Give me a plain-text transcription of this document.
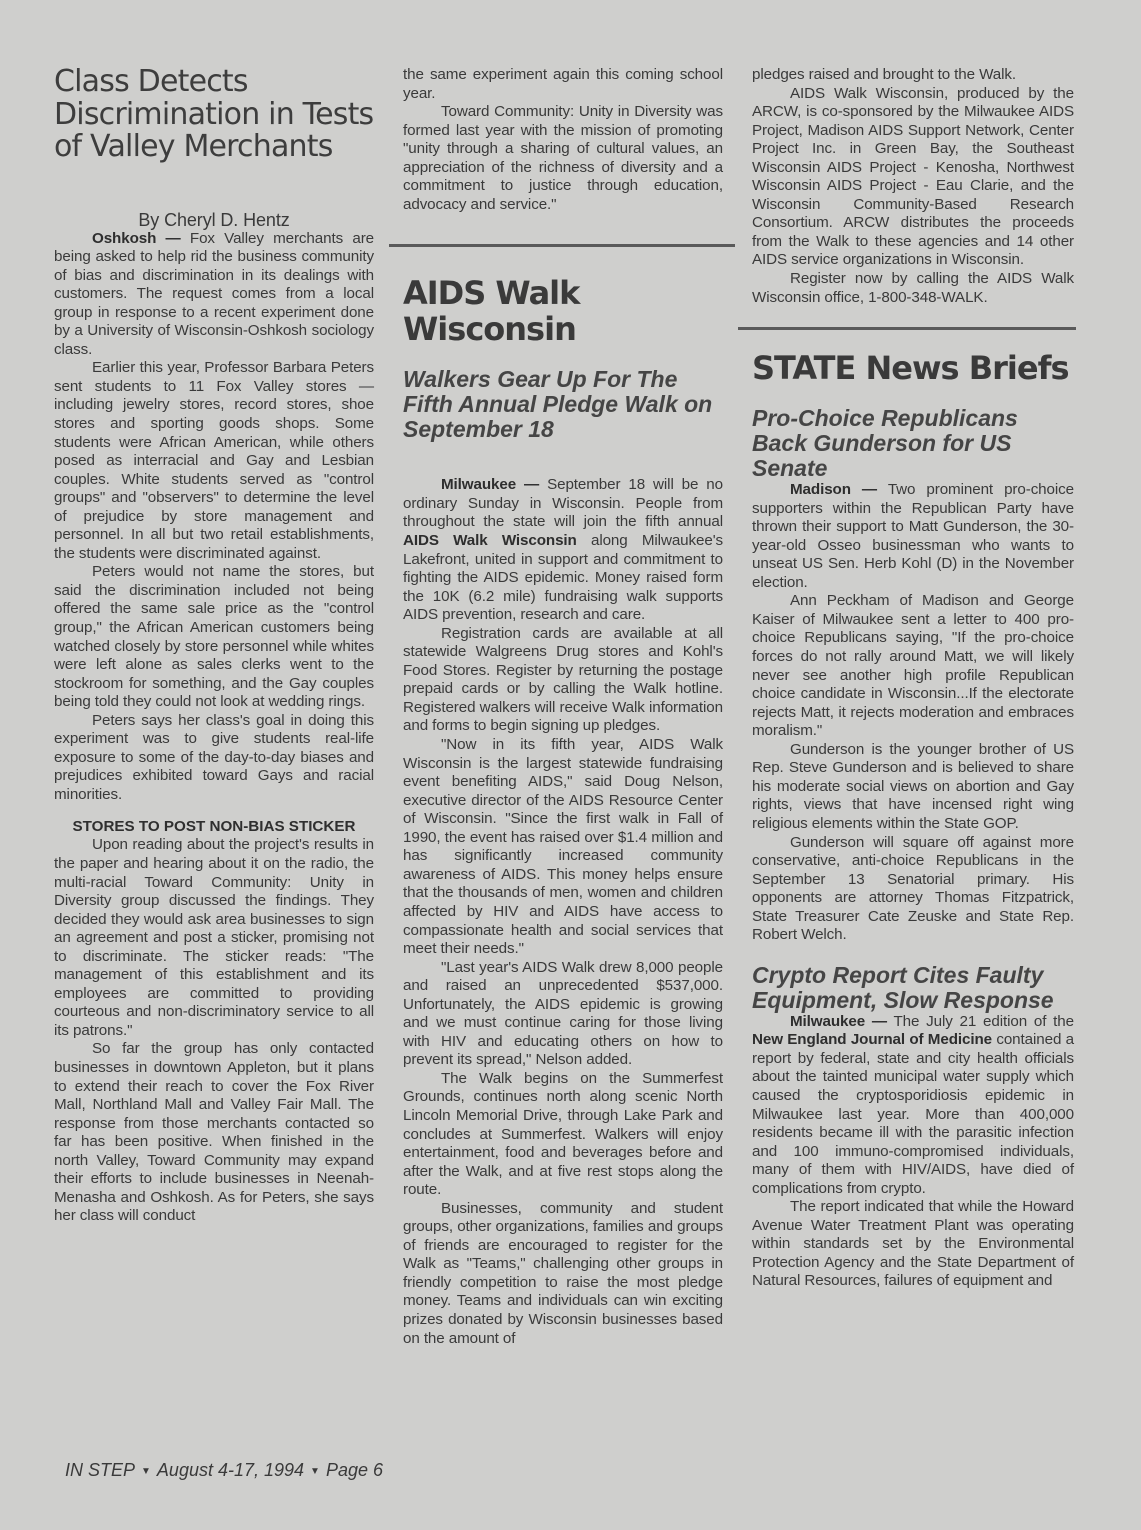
Class Detects Discrimination in Tests of Valley Merchants

By Cheryl D. Hentz

Oshkosh — Fox Valley merchants are being asked to help rid the business community of bias and discrimination in its dealings with customers. The request comes from a local group in response to a recent experiment done by a University of Wisconsin-Oshkosh sociology class.

Earlier this year, Professor Barbara Peters sent students to 11 Fox Valley stores — including jewelry stores, record stores, shoe stores and sporting goods shops. Some students were African American, while others posed as interracial and Gay and Lesbian couples. White students served as "control groups" and "observers" to determine the level of prejudice by store management and personnel. In all but two retail establishments, the students were discriminated against.

Peters would not name the stores, but said the discrimination included not being offered the same sale price as the "control group," the African American customers being watched closely by store personnel while whites were left alone as sales clerks went to the stockroom for something, and the Gay couples being told they could not look at wedding rings.

Peters says her class's goal in doing this experiment was to give students real-life exposure to some of the day-to-day biases and prejudices exhibited toward Gays and racial minorities.

STORES TO POST NON-BIAS STICKER

Upon reading about the project's results in the paper and hearing about it on the radio, the multi-racial Toward Community: Unity in Diversity group discussed the findings. They decided they would ask area businesses to sign an agreement and post a sticker, promising not to discriminate. The sticker reads: "The management of this establishment and its employees are committed to providing courteous and non-discriminatory service to all its patrons."

So far the group has only contacted businesses in downtown Appleton, but it plans to extend their reach to cover the Fox River Mall, Northland Mall and Valley Fair Mall. The response from those merchants contacted so far has been positive. When finished in the north Valley, Toward Community may expand their efforts to include businesses in Neenah-Menasha and Oshkosh. As for Peters, she says her class will conduct

the same experiment again this coming school year.

Toward Community: Unity in Diversity was formed last year with the mission of promoting "unity through a sharing of cultural values, an appreciation of the richness of diversity and a commitment to justice through education, advocacy and service."

AIDS Walk Wisconsin
Walkers Gear Up For The Fifth Annual Pledge Walk on September 18

Milwaukee — September 18 will be no ordinary Sunday in Wisconsin. People from throughout the state will join the fifth annual AIDS Walk Wisconsin along Milwaukee's Lakefront, united in support and commitment to fighting the AIDS epidemic. Money raised form the 10K (6.2 mile) fundraising walk supports AIDS prevention, research and care.

Registration cards are available at all statewide Walgreens Drug stores and Kohl's Food Stores. Register by returning the postage prepaid cards or by calling the Walk hotline. Registered walkers will receive Walk information and forms to begin signing up pledges.

"Now in its fifth year, AIDS Walk Wisconsin is the largest statewide fundraising event benefiting AIDS," said Doug Nelson, executive director of the AIDS Resource Center of Wisconsin. "Since the first walk in Fall of 1990, the event has raised over $1.4 million and has significantly increased community awareness of AIDS. This money helps ensure that the thousands of men, women and children affected by HIV and AIDS have access to compassionate health and social services that meet their needs."

"Last year's AIDS Walk drew 8,000 people and raised an unprecedented $537,000. Unfortunately, the AIDS epidemic is growing and we must continue caring for those living with HIV and educating others on how to prevent its spread," Nelson added.

The Walk begins on the Summerfest Grounds, continues north along scenic North Lincoln Memorial Drive, through Lake Park and concludes at Summerfest. Walkers will enjoy entertainment, food and beverages before and after the Walk, and at five rest stops along the route.

Businesses, community and student groups, other organizations, families and groups of friends are encouraged to register for the Walk as "Teams," challenging other groups in friendly competition to raise the most pledge money. Teams and individuals can win exciting prizes donated by Wisconsin businesses based on the amount of

pledges raised and brought to the Walk.

AIDS Walk Wisconsin, produced by the ARCW, is co-sponsored by the Milwaukee AIDS Project, Madison AIDS Support Network, Center Project Inc. in Green Bay, the Southeast Wisconsin AIDS Project - Kenosha, Northwest Wisconsin AIDS Project - Eau Clarie, and the Wisconsin Community-Based Research Consortium. ARCW distributes the proceeds from the Walk to these agencies and 14 other AIDS service organizations in Wisconsin.

Register now by calling the AIDS Walk Wisconsin office, 1-800-348-WALK.

STATE News Briefs
Pro-Choice Republicans Back Gunderson for US Senate

Madison — Two prominent pro-choice supporters within the Republican Party have thrown their support to Matt Gunderson, the 30-year-old Osseo businessman who wants to unseat US Sen. Herb Kohl (D) in the November election.

Ann Peckham of Madison and George Kaiser of Milwaukee sent a letter to 400 pro-choice Republicans saying, "If the pro-choice forces do not rally around Matt, we will likely never see another high profile Republican choice candidate in Wisconsin...If the electorate rejects Matt, it rejects moderation and embraces moralism."

Gunderson is the younger brother of US Rep. Steve Gunderson and is believed to share his moderate social views on abortion and Gay rights, views that have incensed right wing religious elements within the State GOP.

Gunderson will square off against more conservative, anti-choice Republicans in the September 13 Senatorial primary. His opponents are attorney Thomas Fitzpatrick, State Treasurer Cate Zeuske and State Rep. Robert Welch.

Crypto Report Cites Faulty Equipment, Slow Response

Milwaukee — The July 21 edition of the New England Journal of Medicine contained a report by federal, state and city health officials about the tainted municipal water supply which caused the cryptosporidiosis epidemic in Milwaukee last year. More than 400,000 residents became ill with the parasitic infection and 100 immuno-compromised individuals, many of them with HIV/AIDS, have died of complications from crypto.

The report indicated that while the Howard Avenue Water Treatment Plant was operating within standards set by the Environmental Protection Agency and the State Department of Natural Resources, failures of equipment and

IN STEP ▼ August 4-17, 1994 ▼ Page 6
